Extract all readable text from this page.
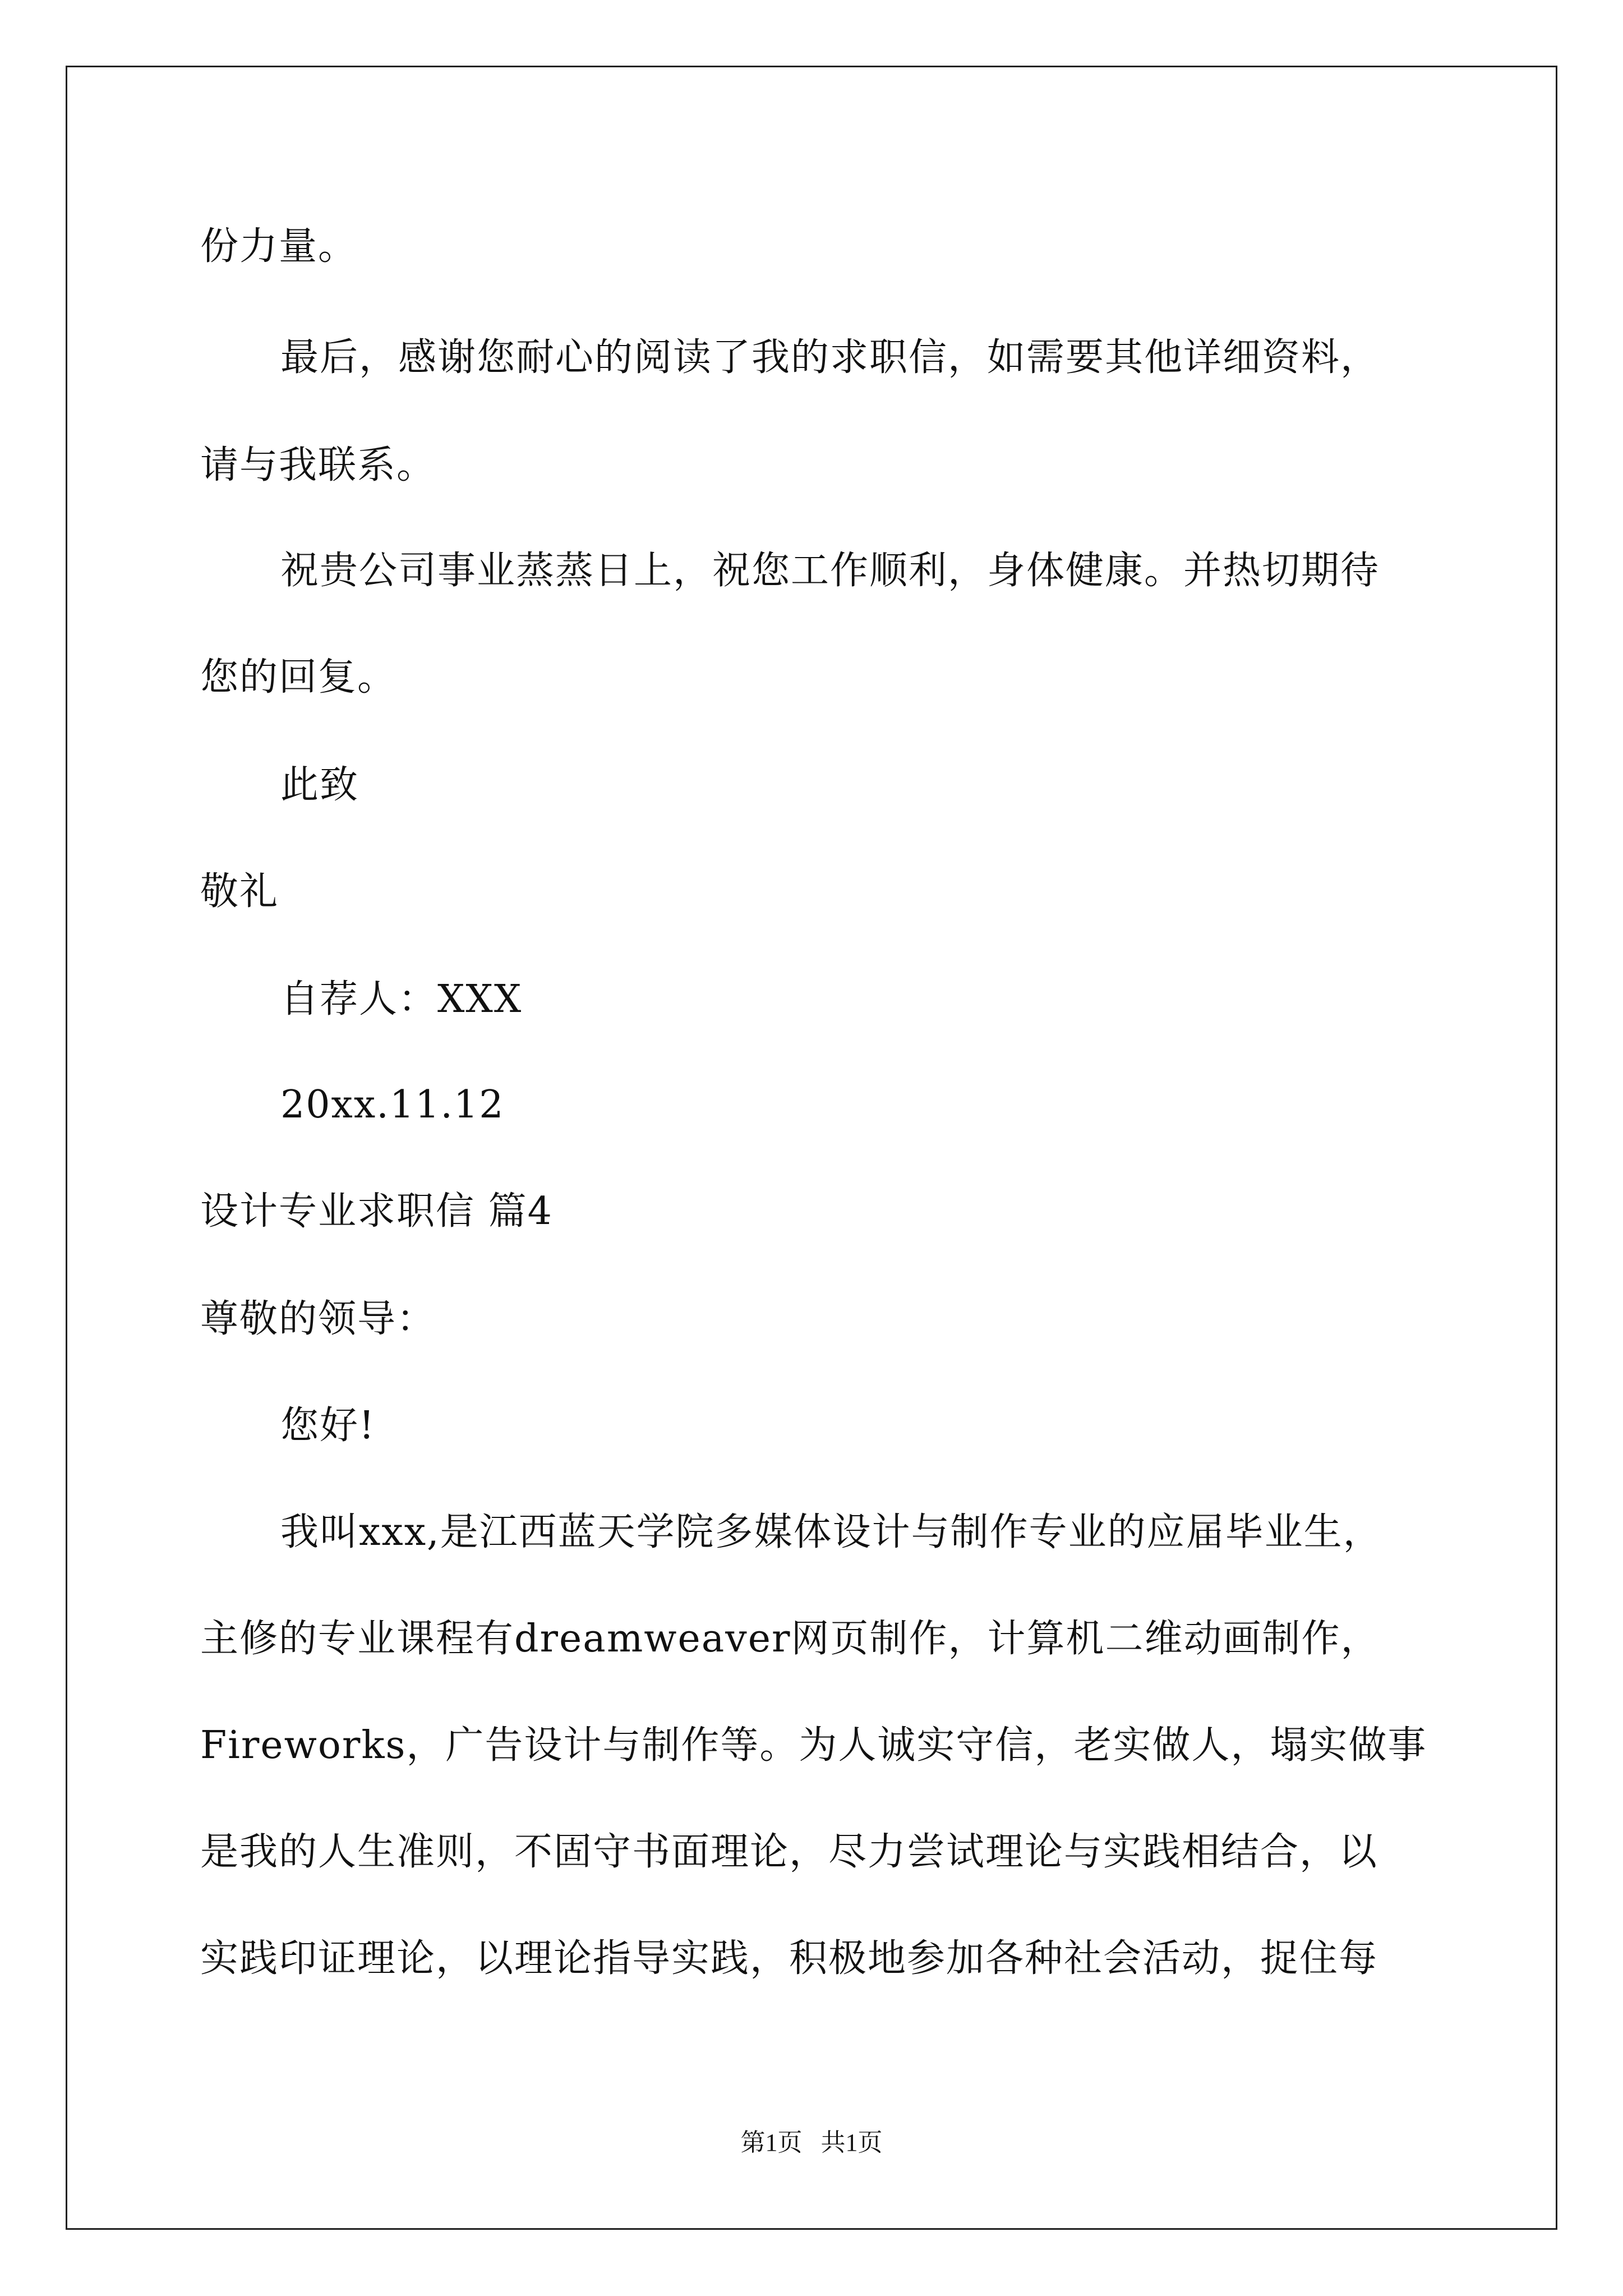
份力量。
最后，感谢您耐心的阅读了我的求职信，如需要其他详细资料，
请与我联系。
祝贵公司事业蒸蒸日上，祝您工作顺利，身体健康。并热切期待
您的回复。
此致
敬礼
自荐人：XXX
20xx.11.12
设计专业求职信 篇4
尊敬的领导：
您好!
我叫xxx,是江西蓝天学院多媒体设计与制作专业的应届毕业生，
主修的专业课程有dreamweaver网页制作，计算机二维动画制作，
Fireworks，广告设计与制作等。为人诚实守信，老实做人，塌实做事
是我的人生准则，不固守书面理论，尽力尝试理论与实践相结合，以
实践印证理论，以理论指导实践，积极地参加各种社会活动，捉住每
第1页   共1页
